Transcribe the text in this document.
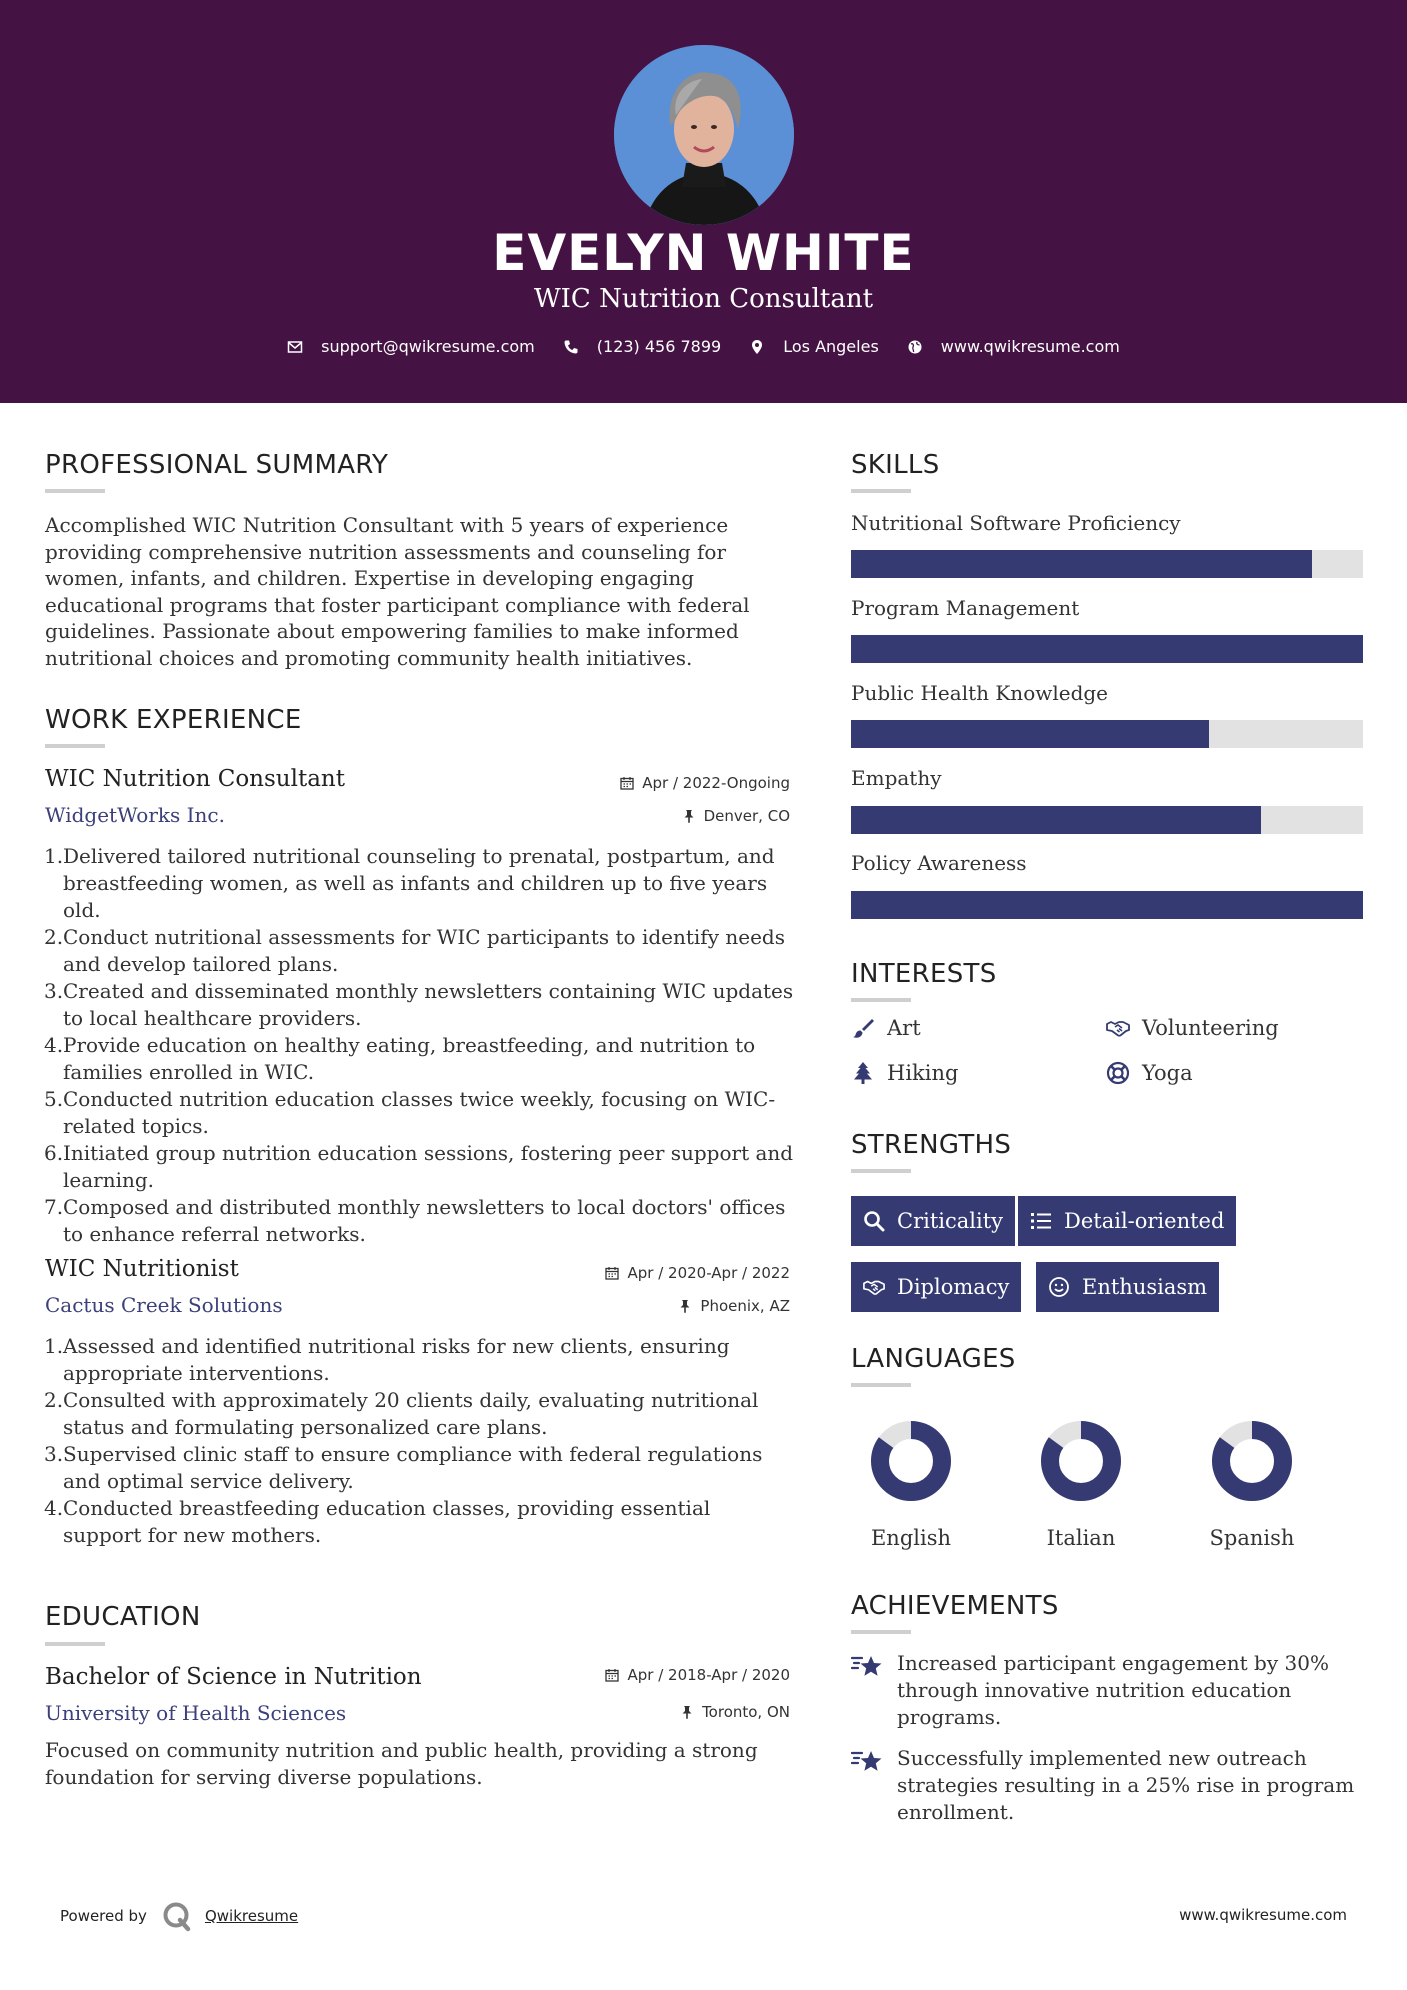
EVELYN WHITE
WIC Nutrition Consultant
support@qwikresume.com	(123) 456 7899	Los Angeles	www.qwikresume.com
PROFESSIONAL SUMMARY
Accomplished WIC Nutrition Consultant with 5 years of experience providing comprehensive nutrition assessments and counseling for women, infants, and children. Expertise in developing engaging educational programs that foster participant compliance with federal guidelines. Passionate about empowering families to make informed nutritional choices and promoting community health initiatives.
WORK EXPERIENCE
WIC Nutrition Consultant	Apr / 2022-Ongoing
WidgetWorks Inc.	Denver, CO
1. Delivered tailored nutritional counseling to prenatal, postpartum, and breastfeeding women, as well as infants and children up to five years old.
2. Conduct nutritional assessments for WIC participants to identify needs and develop tailored plans.
3. Created and disseminated monthly newsletters containing WIC updates to local healthcare providers.
4. Provide education on healthy eating, breastfeeding, and nutrition to families enrolled in WIC.
5. Conducted nutrition education classes twice weekly, focusing on WIC-related topics.
6. Initiated group nutrition education sessions, fostering peer support and learning.
7. Composed and distributed monthly newsletters to local doctors' offices to enhance referral networks.
WIC Nutritionist	Apr / 2020-Apr / 2022
Cactus Creek Solutions	Phoenix, AZ
1. Assessed and identified nutritional risks for new clients, ensuring appropriate interventions.
2. Consulted with approximately 20 clients daily, evaluating nutritional status and formulating personalized care plans.
3. Supervised clinic staff to ensure compliance with federal regulations and optimal service delivery.
4. Conducted breastfeeding education classes, providing essential support for new mothers.
EDUCATION
Bachelor of Science in Nutrition	Apr / 2018-Apr / 2020
University of Health Sciences	Toronto, ON
Focused on community nutrition and public health, providing a strong foundation for serving diverse populations.
SKILLS
Nutritional Software Proficiency
Program Management
Public Health Knowledge
Empathy
Policy Awareness
INTERESTS
Art	Volunteering
Hiking	Yoga
STRENGTHS
Criticality	Detail-oriented
Diplomacy	Enthusiasm
LANGUAGES
English	Italian	Spanish
ACHIEVEMENTS
Increased participant engagement by 30% through innovative nutrition education programs.
Successfully implemented new outreach strategies resulting in a 25% rise in program enrollment.
Powered by	Qwikresume	www.qwikresume.com
